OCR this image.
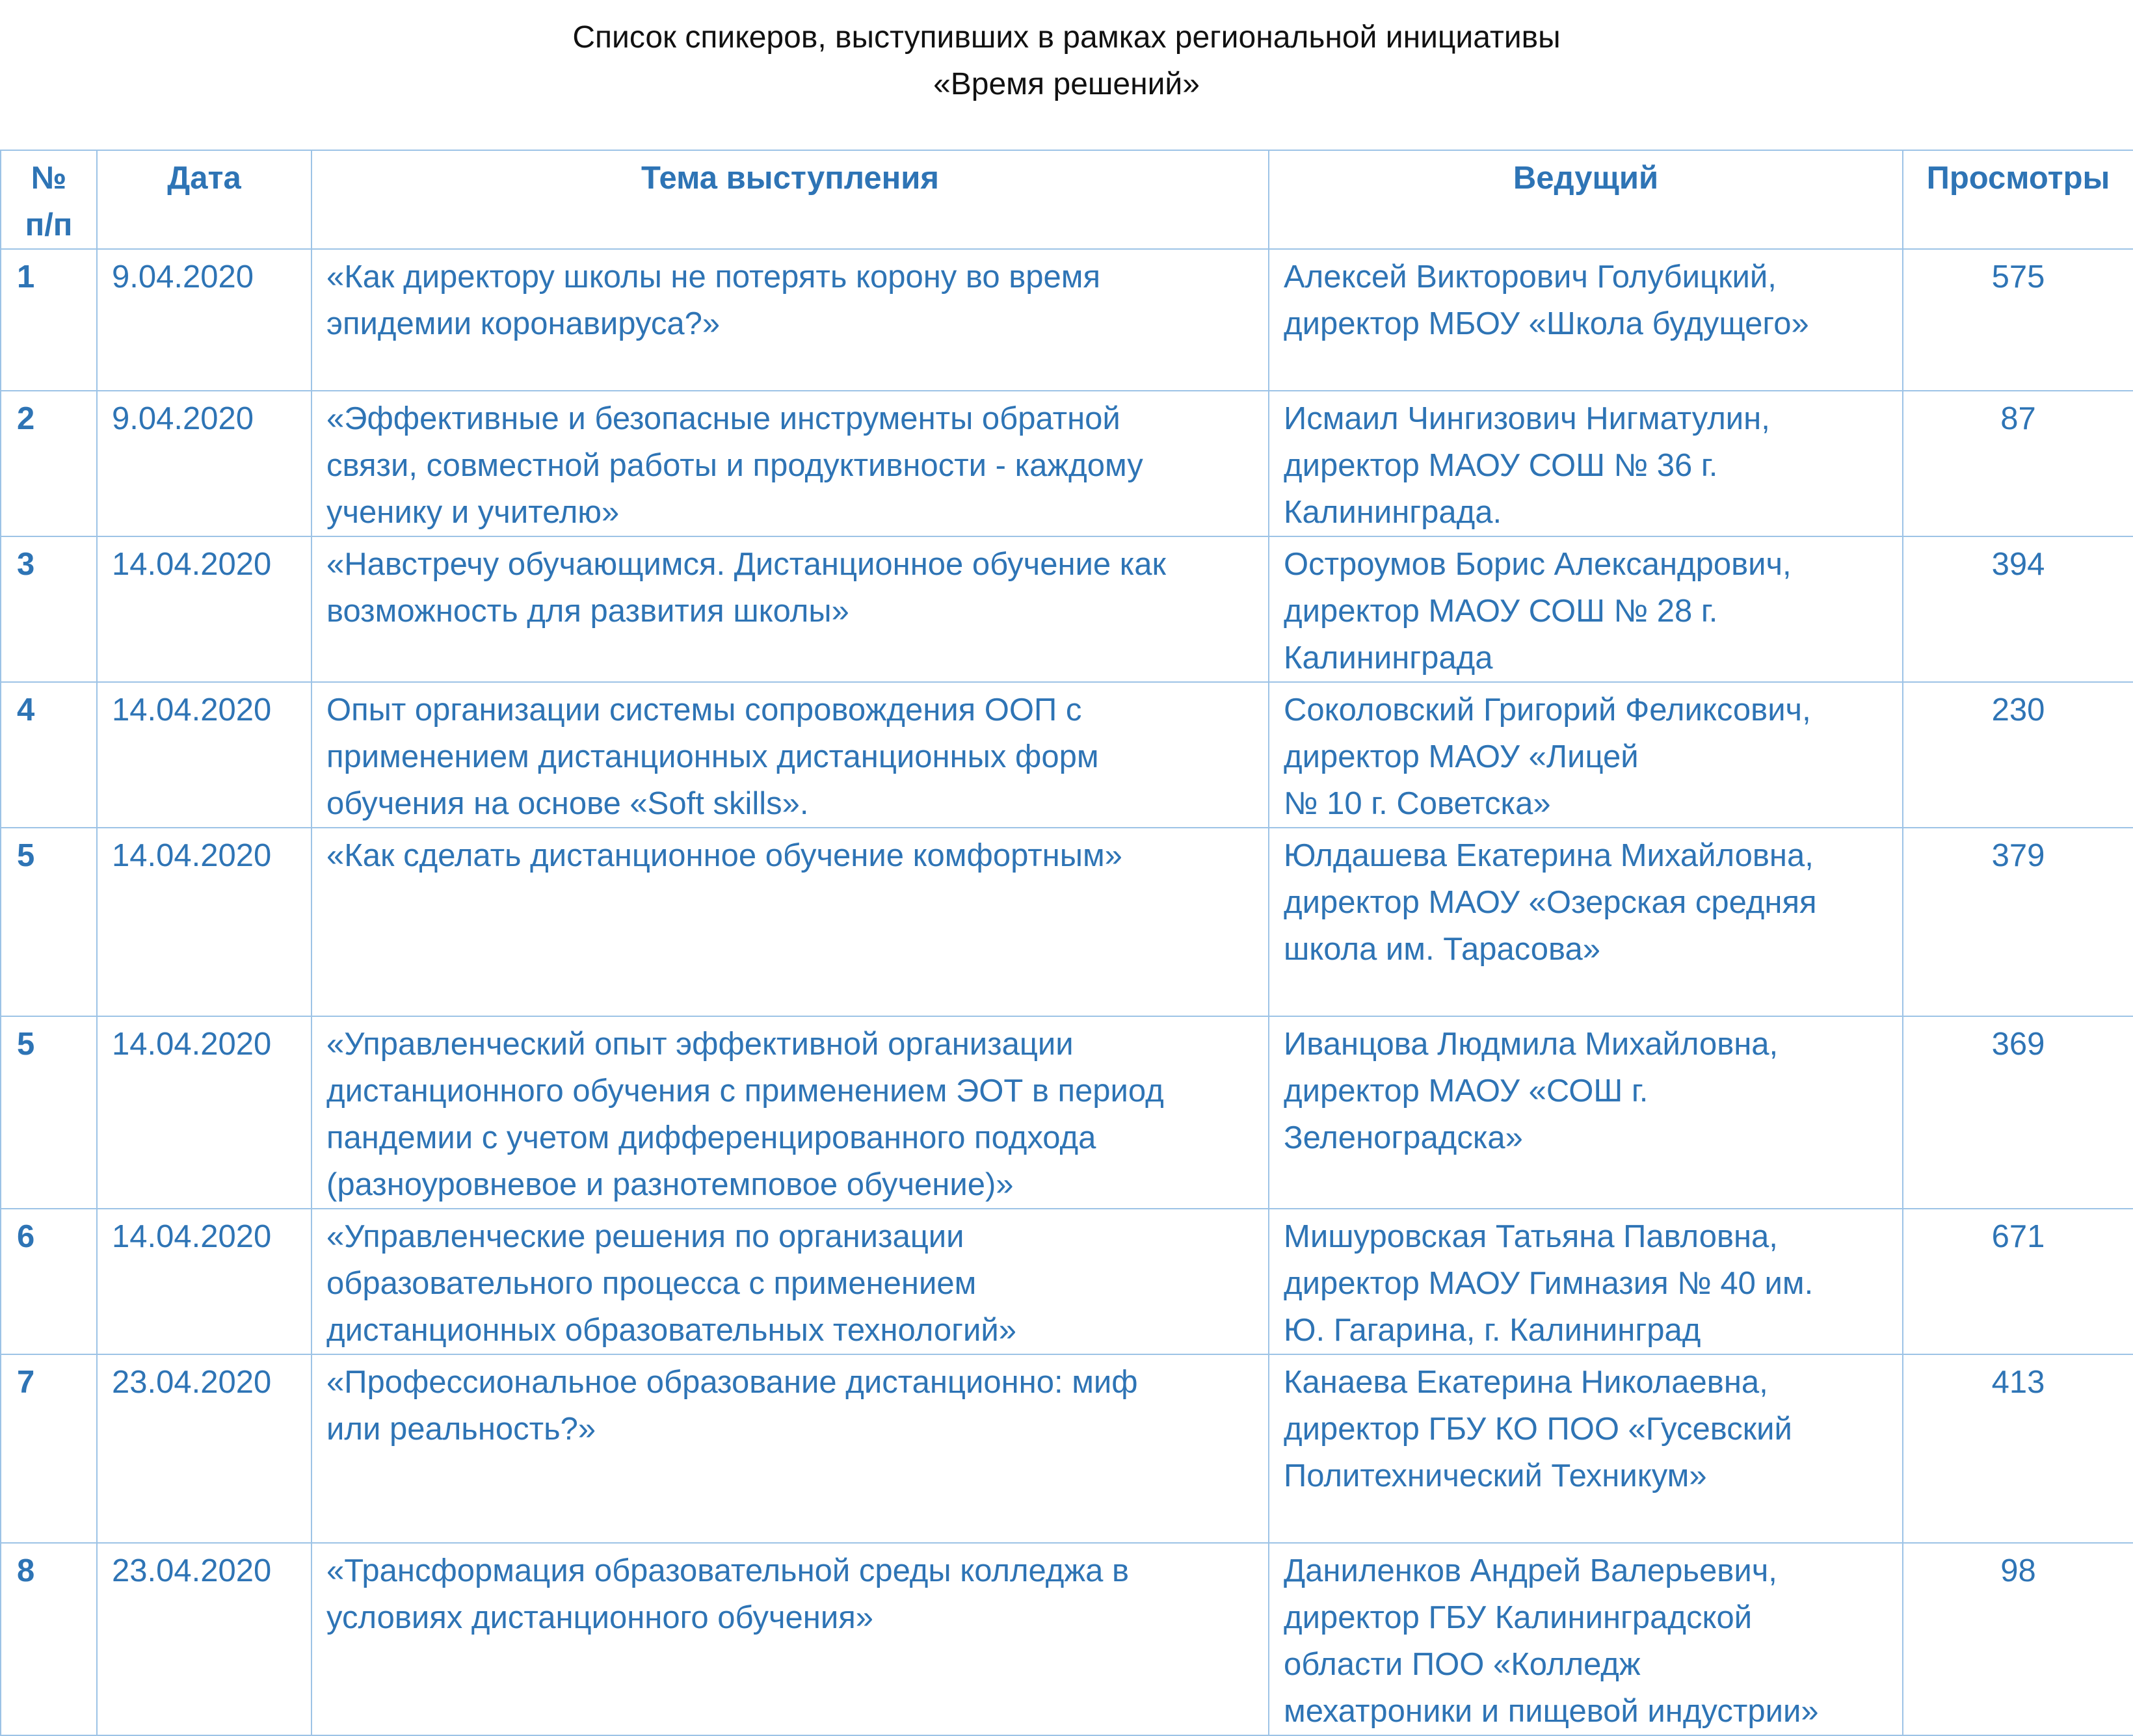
Список спикеров, выступивших в рамках региональной инициативы
«Время решений»
№
п/п	Дата	Тема выступления	Ведущий	Просмотры
1	9.04.2020	«Как директору школы не потерять корону во время
эпидемии коронавируса?»	Алексей Викторович Голубицкий,
директор МБОУ «Школа будущего»	575
2	9.04.2020	«Эффективные и безопасные инструменты обратной
связи, совместной работы и продуктивности - каждому
ученику и учителю»	Исмаил Чингизович Нигматулин,
директор МАОУ СОШ № 36 г.
Калининграда.	87
3	14.04.2020	«Навстречу обучающимся. Дистанционное обучение как
возможность для развития школы»	Остроумов Борис Александрович,
директор МАОУ СОШ № 28 г.
Калининграда	394
4	14.04.2020	Опыт организации системы сопровождения ООП с
применением дистанционных дистанционных форм
обучения на основе «Soft skills».	Соколовский Григорий Феликсович,
директор МАОУ «Лицей
№ 10 г. Советска»	230
5	14.04.2020	«Как сделать дистанционное обучение комфортным»	Юлдашева Екатерина Михайловна,
директор МАОУ «Озерская средняя
школа им. Тарасова»	379
5	14.04.2020	«Управленческий опыт эффективной организации
дистанционного обучения с применением ЭОТ в период
пандемии с учетом дифференцированного подхода
(разноуровневое и разнотемповое обучение)»	Иванцова Людмила Михайловна,
директор МАОУ «СОШ г.
Зеленоградска»	369
6	14.04.2020	«Управленческие решения по организации
образовательного процесса с применением
дистанционных образовательных технологий»	Мишуровская Татьяна Павловна,
директор МАОУ Гимназия № 40 им.
Ю. Гагарина, г. Калининград	671
7	23.04.2020	«Профессиональное образование дистанционно: миф
или реальность?»	Канаева Екатерина Николаевна,
директор ГБУ КО ПОО «Гусевский
Политехнический Техникум»	413
8	23.04.2020	«Трансформация образовательной среды колледжа в
условиях дистанционного обучения»	Даниленков Андрей Валерьевич,
директор ГБУ Калининградской
области ПОО «Колледж
мехатроники и пищевой индустрии»	98
